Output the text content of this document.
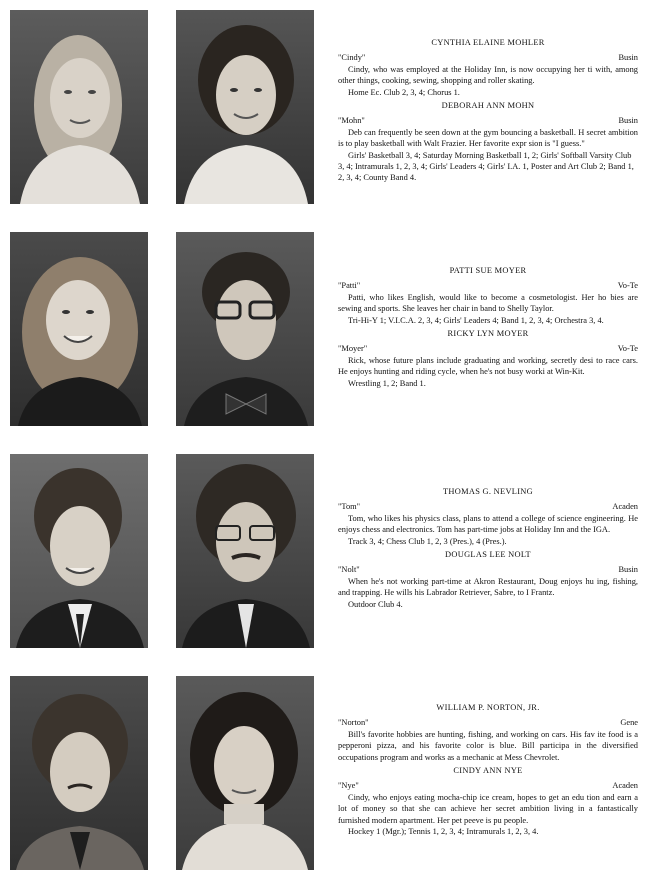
CYNTHIA ELAINE MOHLER
"Cindy"	Busin

Cindy, who was employed at the Holiday Inn, is now occupying her ti with, among other things, cooking, sewing, shopping and roller skating.

Home Ec. Club 2, 3, 4; Chorus 1.

DEBORAH ANN MOHN
"Mohn"	Busin

Deb can frequently be seen down at the gym bouncing a basketball. H secret ambition is to play basketball with Walt Frazier. Her favorite expr sion is "I guess."

Girls' Basketball 3, 4; Saturday Morning Basketball 1, 2; Girls' Softball Varsity Club 3, 4; Intramurals 1, 2, 3, 4; Girls' Leaders 4; Girls' I.A. 1, Poster and Art Club 2; Band 1, 2, 3, 4; County Band 4.

PATTI SUE MOYER
"Patti"	Vo-Te

Patti, who likes English, would like to become a cosmetologist. Her ho bies are sewing and sports. She leaves her chair in band to Shelly Taylor.

Tri-Hi-Y 1; V.I.C.A. 2, 3, 4; Girls' Leaders 4; Band 1, 2, 3, 4; Orchestra 3, 4.

RICKY LYN MOYER
"Moyer"	Vo-Te

Rick, whose future plans include graduating and working, secretly desi to race cars. He enjoys hunting and riding cycle, when he's not busy worki at Win-Kit.

Wrestling 1, 2; Band 1.

THOMAS G. NEVLING
"Tom"	Acaden

Tom, who likes his physics class, plans to attend a college of science engineering. He enjoys chess and electronics. Tom has part-time jobs at Holiday Inn and the IGA.

Track 3, 4; Chess Club 1, 2, 3 (Pres.), 4 (Pres.).

DOUGLAS LEE NOLT
"Nolt"	Busin

When he's not working part-time at Akron Restaurant, Doug enjoys hu ing, fishing, and trapping. He wills his Labrador Retriever, Sabre, to I Frantz.

Outdoor Club 4.

WILLIAM P. NORTON, JR.
"Norton"	Gene

Bill's favorite hobbies are hunting, fishing, and working on cars. His fav ite food is a pepperoni pizza, and his favorite color is blue. Bill participa in the diversified occupations program and works as a mechanic at Mess Chevrolet.

CINDY ANN NYE
"Nye"	Acaden

Cindy, who enjoys eating mocha-chip ice cream, hopes to get an edu tion and earn a lot of money so that she can achieve her secret ambition living in a fantastically furnished modern apartment. Her pet peeve is pu people.

Hockey 1 (Mgr.); Tennis 1, 2, 3, 4; Intramurals 1, 2, 3, 4.
